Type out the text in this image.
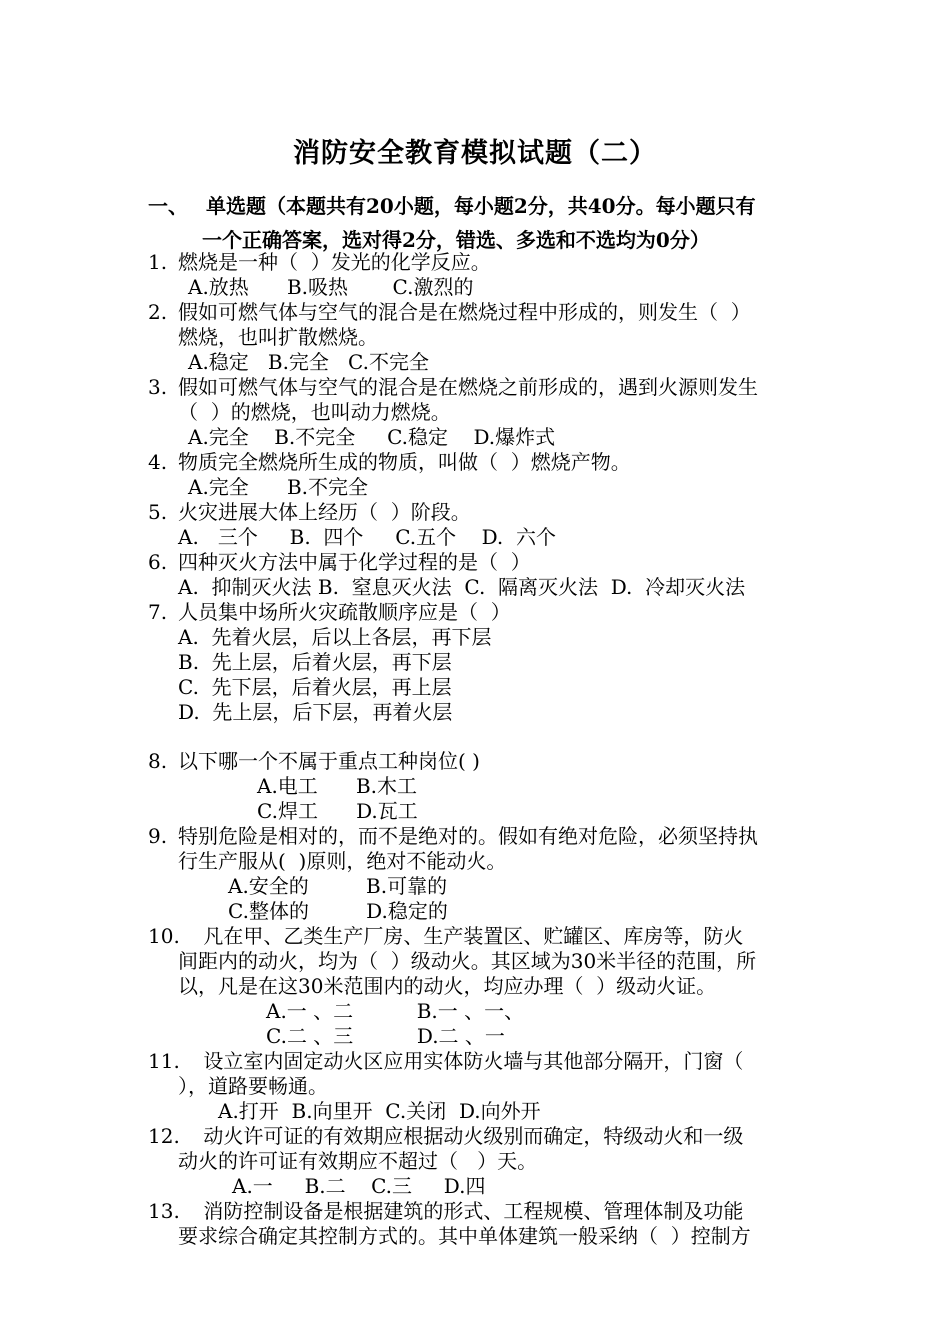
消防安全教育模拟试题（二）
一、 单选题（本题共有20小题，每小题2分，共40分。每小题只有
一个正确答案，选对得2分，错选、多选和不选均为0分）
1. 燃烧是一种（  ）发光的化学反应。
A.放热      B.吸热       C.激烈的
2. 假如可燃气体与空气的混合是在燃烧过程中形成的，则发生（  ）
燃烧，也叫扩散燃烧。
A.稳定   B.完全   C.不完全
3. 假如可燃气体与空气的混合是在燃烧之前形成的，遇到火源则发生
（  ）的燃烧，也叫动力燃烧。
A.完全    B.不完全     C.稳定    D.爆炸式
4. 物质完全燃烧所生成的物质，叫做（  ）燃烧产物。
A.完全      B.不完全
5. 火灾进展大体上经历（  ）阶段。
A.   三个     B.  四个     C.五个    D.  六个
6. 四种灭火方法中属于化学过程的是（  ）
A.  抑制灭火法 B.  窒息灭火法  C.  隔离灭火法  D.  冷却灭火法
7. 人员集中场所火灾疏散顺序应是（  ）
A.  先着火层，后以上各层，再下层
B.  先上层，后着火层，再下层
C.  先下层，后着火层，再上层
D.  先上层，后下层，再着火层
8. 以下哪一个不属于重点工种岗位( )
A.电工      B.木工
C.焊工      D.瓦工
9. 特别危险是相对的，而不是绝对的。假如有绝对危险，必须坚持执
行生产服从(  )原则，绝对不能动火。
A.安全的         B.可靠的
C.整体的         D.稳定的
10.
凡在甲、乙类生产厂房、生产装置区、贮罐区、库房等，防火
间距内的动火，均为（  ）级动火。其区域为30米半径的范围，所
以，凡是在这30米范围内的动火，均应办理（  ）级动火证。
A.一 、二          B.一 、一、
C.二 、三          D.二 、一
11.
设立室内固定动火区应用实体防火墙与其他部分隔开，门窗（
），道路要畅通。
A.打开  B.向里开  C.关闭  D.向外开
12.
动火许可证的有效期应根据动火级别而确定，特级动火和一级
动火的许可证有效期应不超过（   ）天。
A.一     B.二    C.三     D.四
13.
消防控制设备是根据建筑的形式、工程规模、管理体制及功能
要求综合确定其控制方式的。其中单体建筑一般采纳（  ）控制方
